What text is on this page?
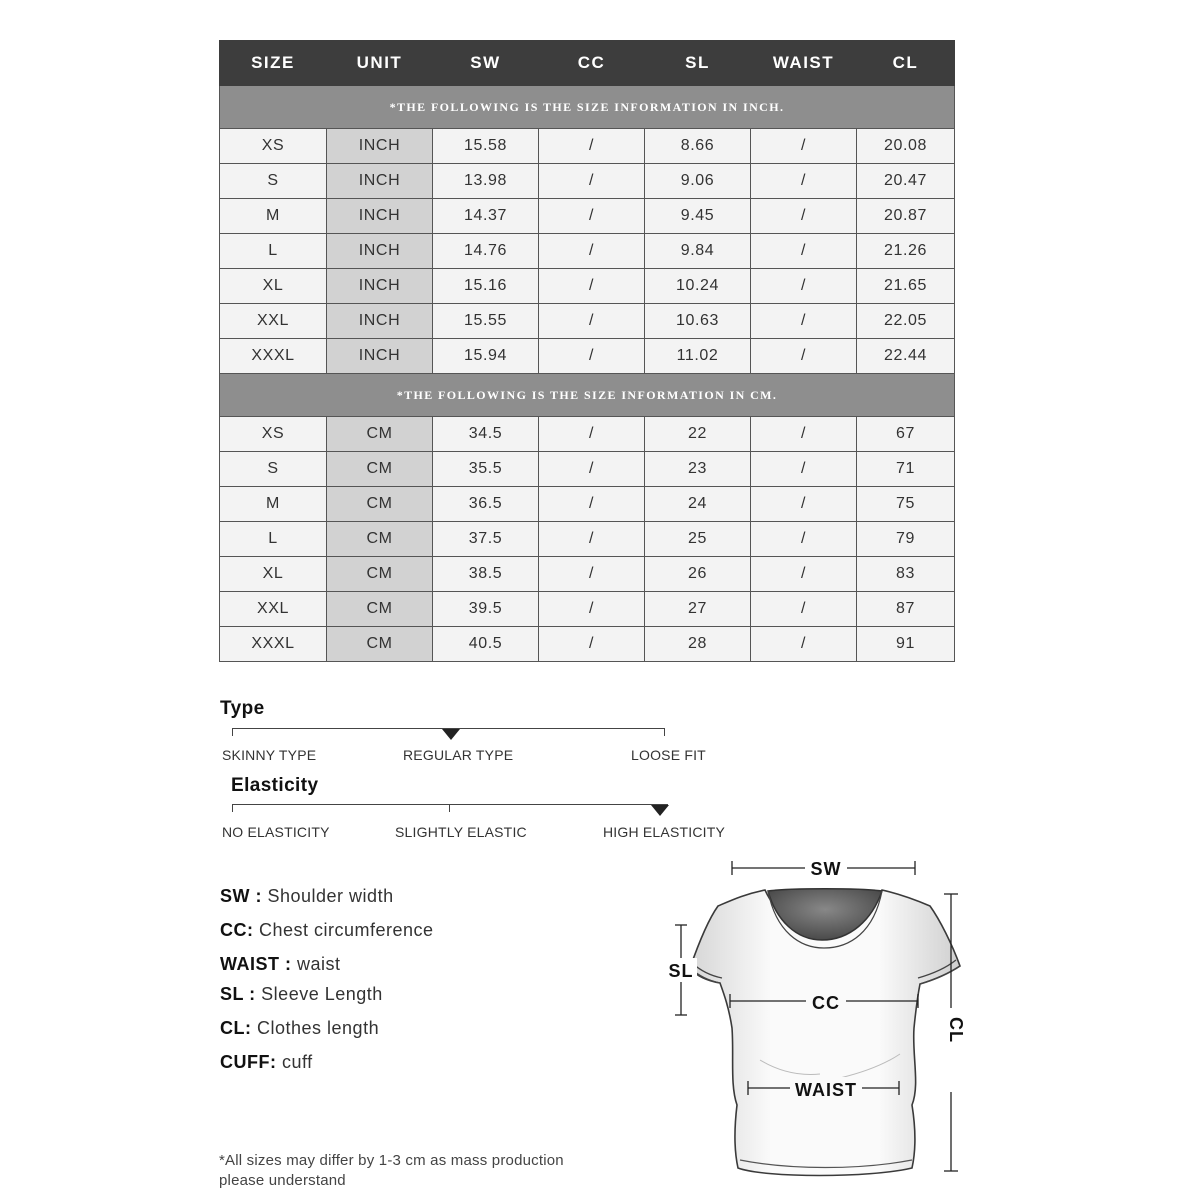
SIZE	UNIT	SW	CC	SL	WAIST	CL
*THE FOLLOWING IS THE SIZE INFORMATION IN INCH.						
XS	INCH	15.58	/	8.66	/	20.08
S	INCH	13.98	/	9.06	/	20.47
M	INCH	14.37	/	9.45	/	20.87
L	INCH	14.76	/	9.84	/	21.26
XL	INCH	15.16	/	10.24	/	21.65
XXL	INCH	15.55	/	10.63	/	22.05
XXXL	INCH	15.94	/	11.02	/	22.44
*THE FOLLOWING IS THE SIZE INFORMATION IN CM.						
XS	CM	34.5	/	22	/	67
S	CM	35.5	/	23	/	71
M	CM	36.5	/	24	/	75
L	CM	37.5	/	25	/	79
XL	CM	38.5	/	26	/	83
XXL	CM	39.5	/	27	/	87
XXXL	CM	40.5	/	28	/	91
Type
SKINNY TYPE	REGULAR TYPE	LOOSE FIT
Elasticity
NO ELASTICITY	SLIGHTLY ELASTIC	HIGH ELASTICITY
SW : Shoulder width
CC: Chest circumference
WAIST : waist
SL : Sleeve Length
CL: Clothes length
CUFF: cuff
*All sizes may differ by 1-3 cm as mass production
please understand
SW
SL
CC
WAIST
CL
